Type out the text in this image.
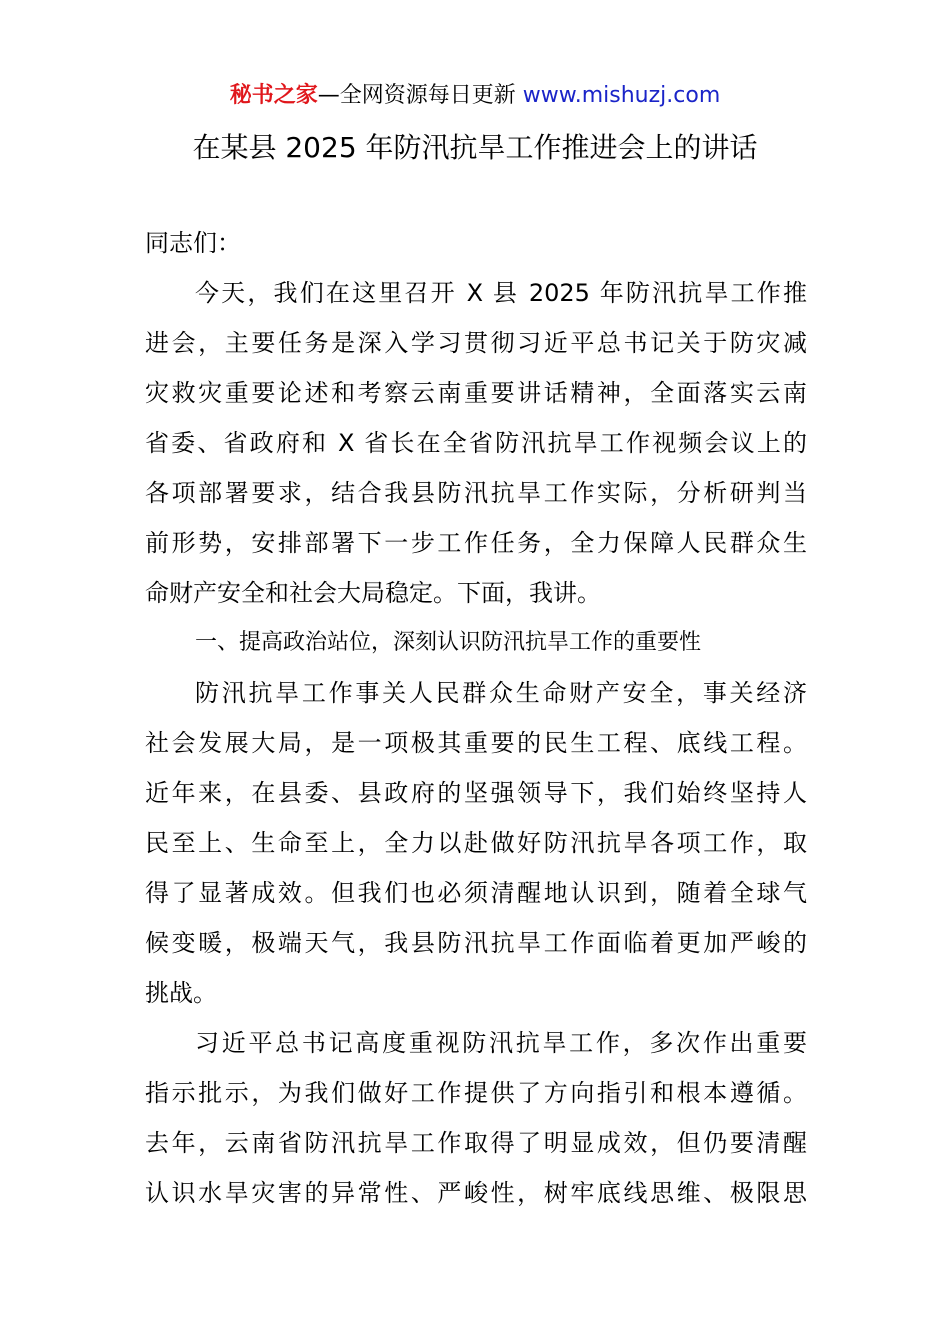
秘书之家—全网资源每日更新 www.mishuzj.com
在某县 2025 年防汛抗旱工作推进会上的讲话
同志们：
今天，我们在这里召开 X 县 2025 年防汛抗旱工作推
进会，主要任务是深入学习贯彻习近平总书记关于防灾减
灾救灾重要论述和考察云南重要讲话精神，全面落实云南
省委、省政府和 X 省长在全省防汛抗旱工作视频会议上的
各项部署要求，结合我县防汛抗旱工作实际，分析研判当
前形势，安排部署下一步工作任务，全力保障人民群众生
命财产安全和社会大局稳定。下面，我讲。
一、提高政治站位，深刻认识防汛抗旱工作的重要性
防汛抗旱工作事关人民群众生命财产安全，事关经济
社会发展大局，是一项极其重要的民生工程、底线工程。
近年来，在县委、县政府的坚强领导下，我们始终坚持人
民至上、生命至上，全力以赴做好防汛抗旱各项工作，取
得了显著成效。但我们也必须清醒地认识到，随着全球气
候变暖，极端天气，我县防汛抗旱工作面临着更加严峻的
挑战。
习近平总书记高度重视防汛抗旱工作，多次作出重要
指示批示，为我们做好工作提供了方向指引和根本遵循。
去年，云南省防汛抗旱工作取得了明显成效，但仍要清醒
认识水旱灾害的异常性、严峻性，树牢底线思维、极限思
